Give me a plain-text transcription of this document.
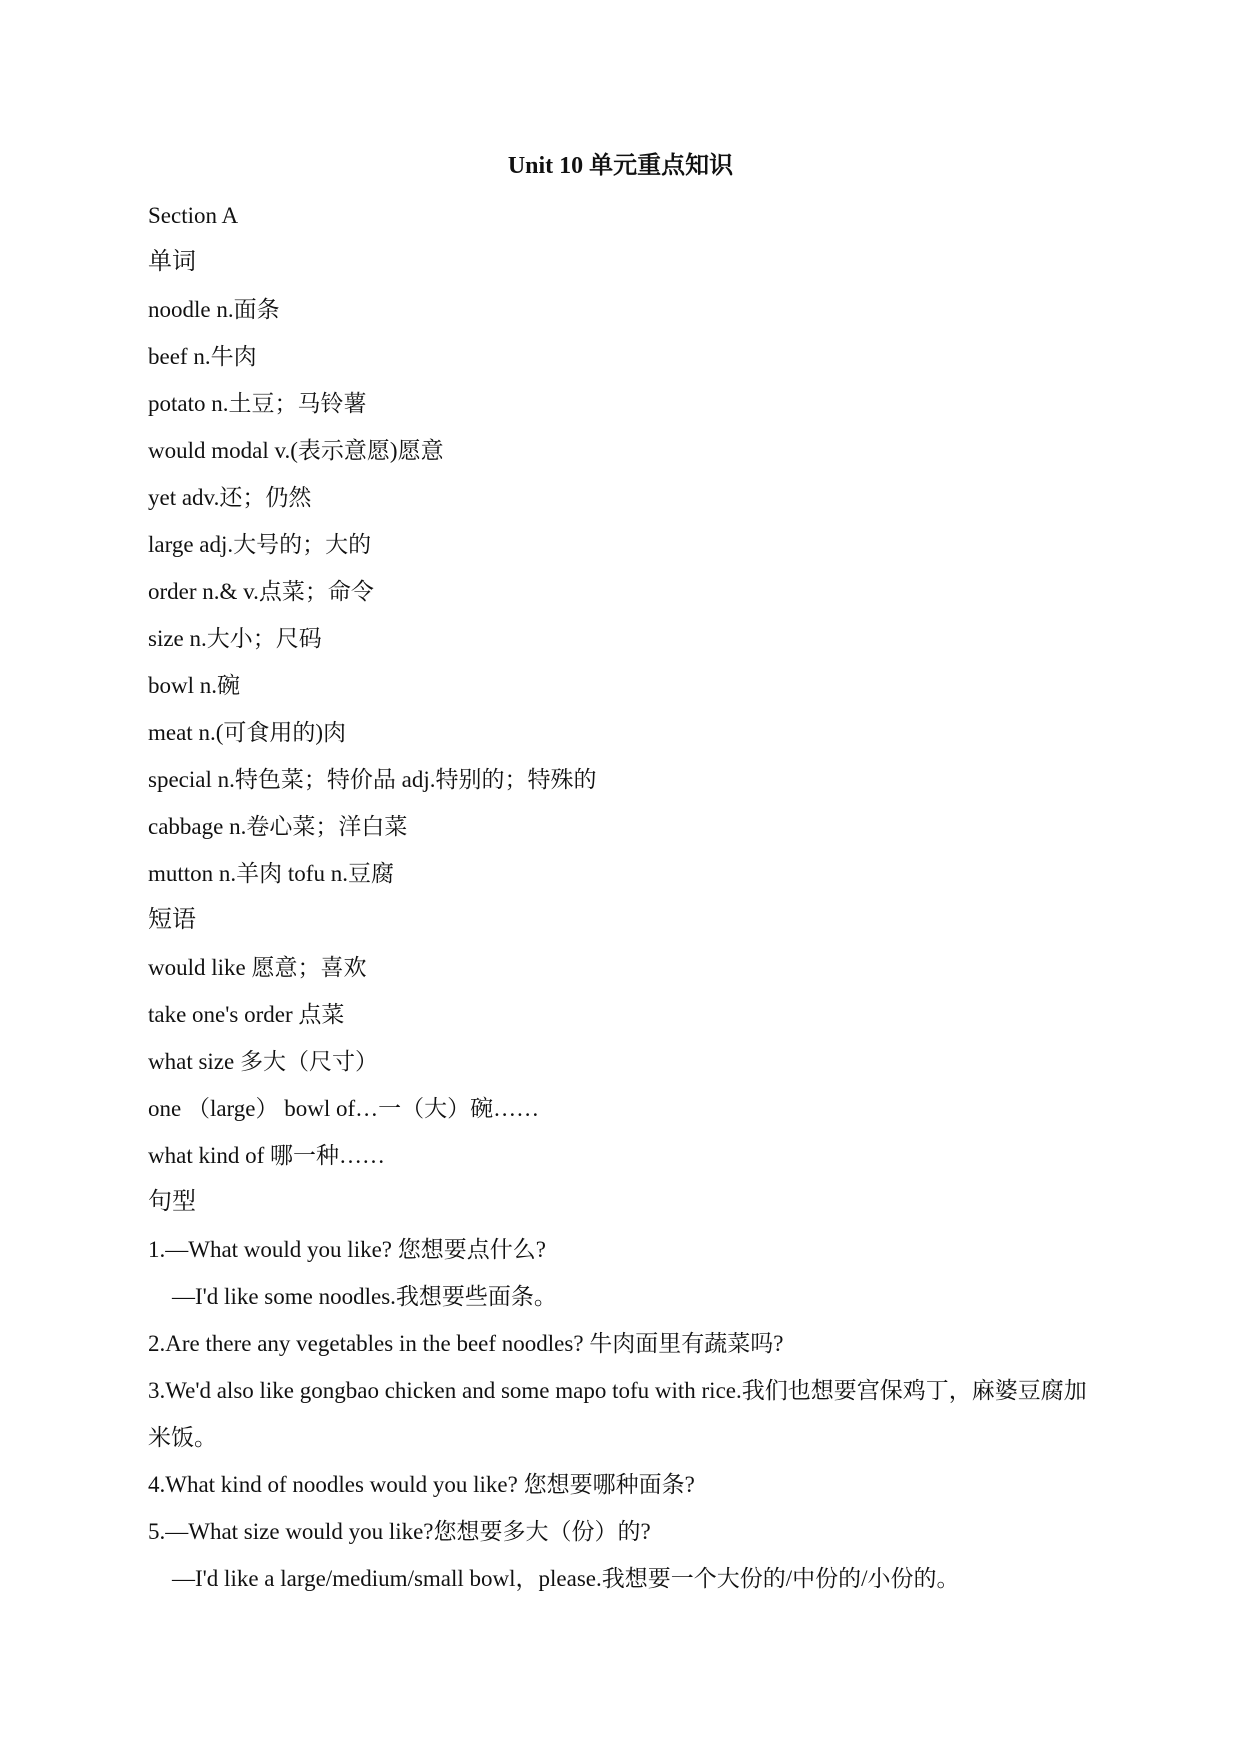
Unit 10 单元重点知识
Section A
单词
noodle n.面条
beef n.牛肉
potato n.土豆；马铃薯
would modal v.(表示意愿)愿意
yet adv.还；仍然
large adj.大号的；大的
order n.& v.点菜；命令
size n.大小；尺码
bowl n.碗
meat n.(可食用的)肉
special n.特色菜；特价品 adj.特别的；特殊的
cabbage n.卷心菜；洋白菜
mutton n.羊肉 tofu n.豆腐
短语
would like 愿意；喜欢
take one's order 点菜
what size 多大（尺寸）
one （large） bowl of…一（大）碗……
what kind of 哪一种……
句型
1.—What would you like? 您想要点什么?
—I'd like some noodles.我想要些面条。
2.Are there any vegetables in the beef noodles? 牛肉面里有蔬菜吗?
3.We'd also like gongbao chicken and some mapo tofu with rice.我们也想要宫保鸡丁，麻婆豆腐加米饭。
4.What kind of noodles would you like? 您想要哪种面条?
5.—What size would you like?您想要多大（份）的?
—I'd like a large/medium/small bowl，please.我想要一个大份的/中份的/小份的。
